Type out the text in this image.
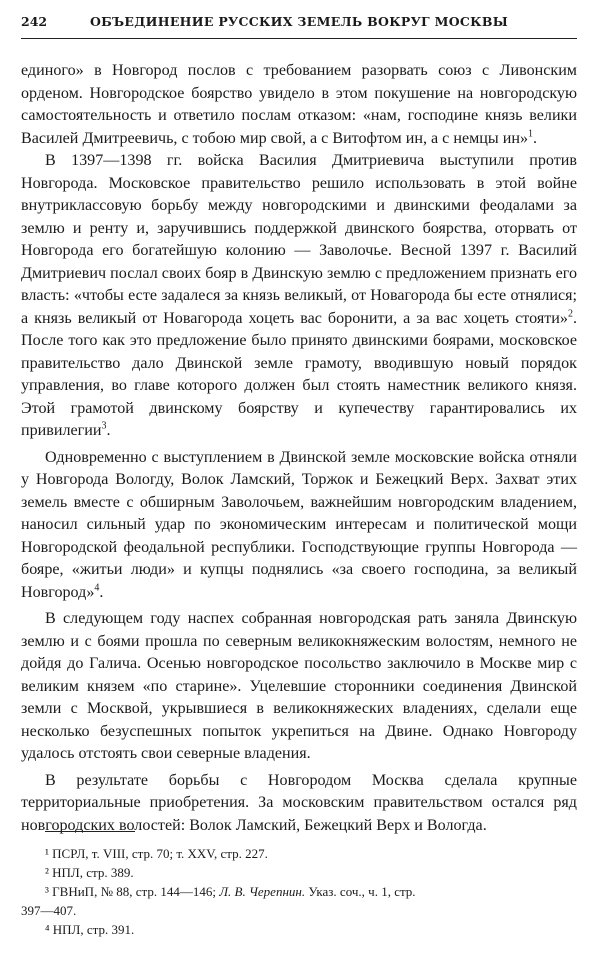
242	ОБЪЕДИНЕНИЕ РУССКИХ ЗЕМЕЛЬ ВОКРУГ МОСКВЫ

единого» в Новгород послов с требованием разорвать союз с Ливонским орденом. Новгородское боярство увидело в этом покушение на новгородскую самостоятельность и ответило послам отказом: «нам, господине князь велики Василей Дмитреевичь, с тобою мир свой, а с Витофтом ин, а с немцы ин»$^1$.

В 1397—1398 гг. войска Василия Дмитриевича выступили против Новгорода. Московское правительство решило использовать в этой войне внутриклассовую борьбу между новгородскими и двинскими феодалами за землю и ренту и, заручившись поддержкой двинского боярства, оторвать от Новгорода его богатейшую колонию — Заволочье. Весной 1397 г. Василий Дмитриевич послал своих бояр в Двинскую землю с предложением признать его власть: «чтобы есте задалеся за князь великый, от Новагорода бы есте отнялися; а князь великый от Новагорода хоцеть вас боронити, а за вас хоцеть стояти»$^2$. После того как это предложение было принято двинскими боярами, московское правительство дало Двинской земле грамоту, вводившую новый порядок управления, во главе которого должен был стоять наместник великого князя. Этой грамотой двинскому боярству и купечеству гарантировались их привилегии$^3$.

Одновременно с выступлением в Двинской земле московские войска отняли у Новгорода Вологду, Волок Ламский, Торжок и Бежецкий Верх. Захват этих земель вместе с обширным Заволочьем, важнейшим новгородским владением, наносил сильный удар по экономическим интересам и политической мощи Новгородской феодальной республики. Господствующие группы Новгорода — бояре, «житьи люди» и купцы поднялись «за своего господина, за великый Новгород»$^4$.

В следующем году наспех собранная новгородская рать заняла Двинскую землю и с боями прошла по северным великокняжеским волостям, немного не дойдя до Галича. Осенью новгородское посольство заключило в Москве мир с великим князем «по старине». Уцелевшие сторонники соединения Двинской земли с Москвой, укрывшиеся в великокняжеских владениях, сделали еще несколько безуспешных попыток укрепиться на Двине. Однако Новгороду удалось отстоять свои северные владения.

В результате борьбы с Новгородом Москва сделала крупные территориальные приобретения. За московским правительством остался ряд новгородских волостей: Волок Ламский, Бежецкий Верх и Вологда.

¹ ПСРЛ, т. VIII, стр. 70; т. XXV, стр. 227.

² НПЛ, стр. 389.

³ ГВНиП, № 88, стр. 144—146; Л. В. Черепнин. Указ. соч., ч. 1, стр.

397—407.

⁴ НПЛ, стр. 391.
